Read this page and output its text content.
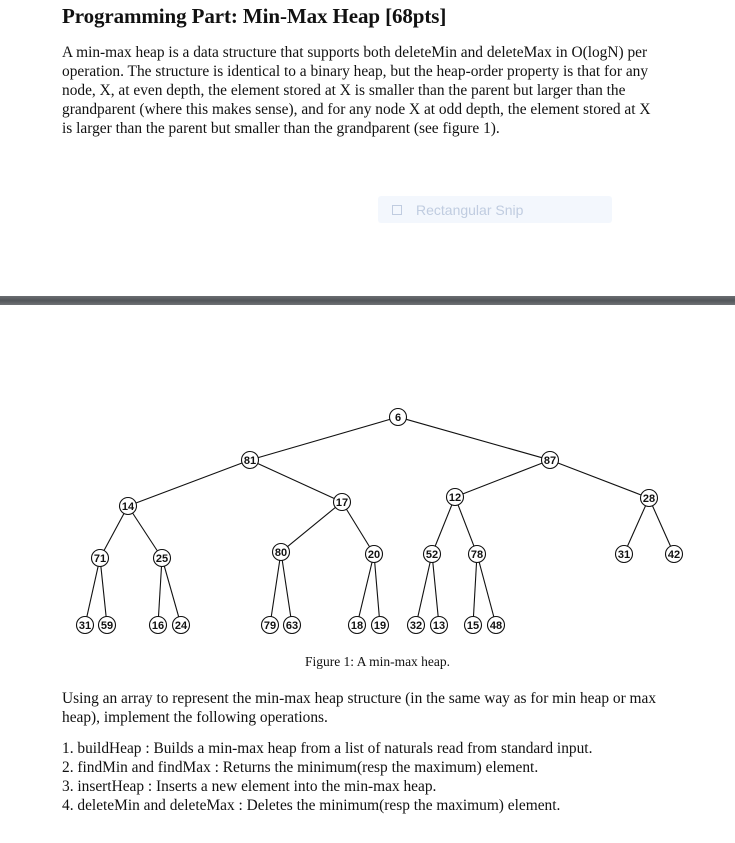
Programming Part: Min-Max Heap [68pts]
A min-max heap is a data structure that supports both deleteMin and deleteMax in O(logN) per
operation. The structure is identical to a binary heap, but the heap-order property is that for any
node, X, at even depth, the element stored at X is smaller than the parent but larger than the
grandparent (where this makes sense), and for any node X at odd depth, the element stored at X
is larger than the parent but smaller than the grandparent (see figure 1).
Rectangular Snip
6
81	87
14	17	12	28
71	25	80	20	52	78	31	42
31 59	16 24	79 63	18 19 32 13 15 48
Figure 1: A min-max heap.
Using an array to represent the min-max heap structure (in the same way as for min heap or max
heap), implement the following operations.
1. buildHeap : Builds a min-max heap from a list of naturals read from standard input.
2. findMin and findMax : Returns the minimum(resp the maximum) element.
3. insertHeap : Inserts a new element into the min-max heap.
4. deleteMin and deleteMax : Deletes the minimum(resp the maximum) element.
